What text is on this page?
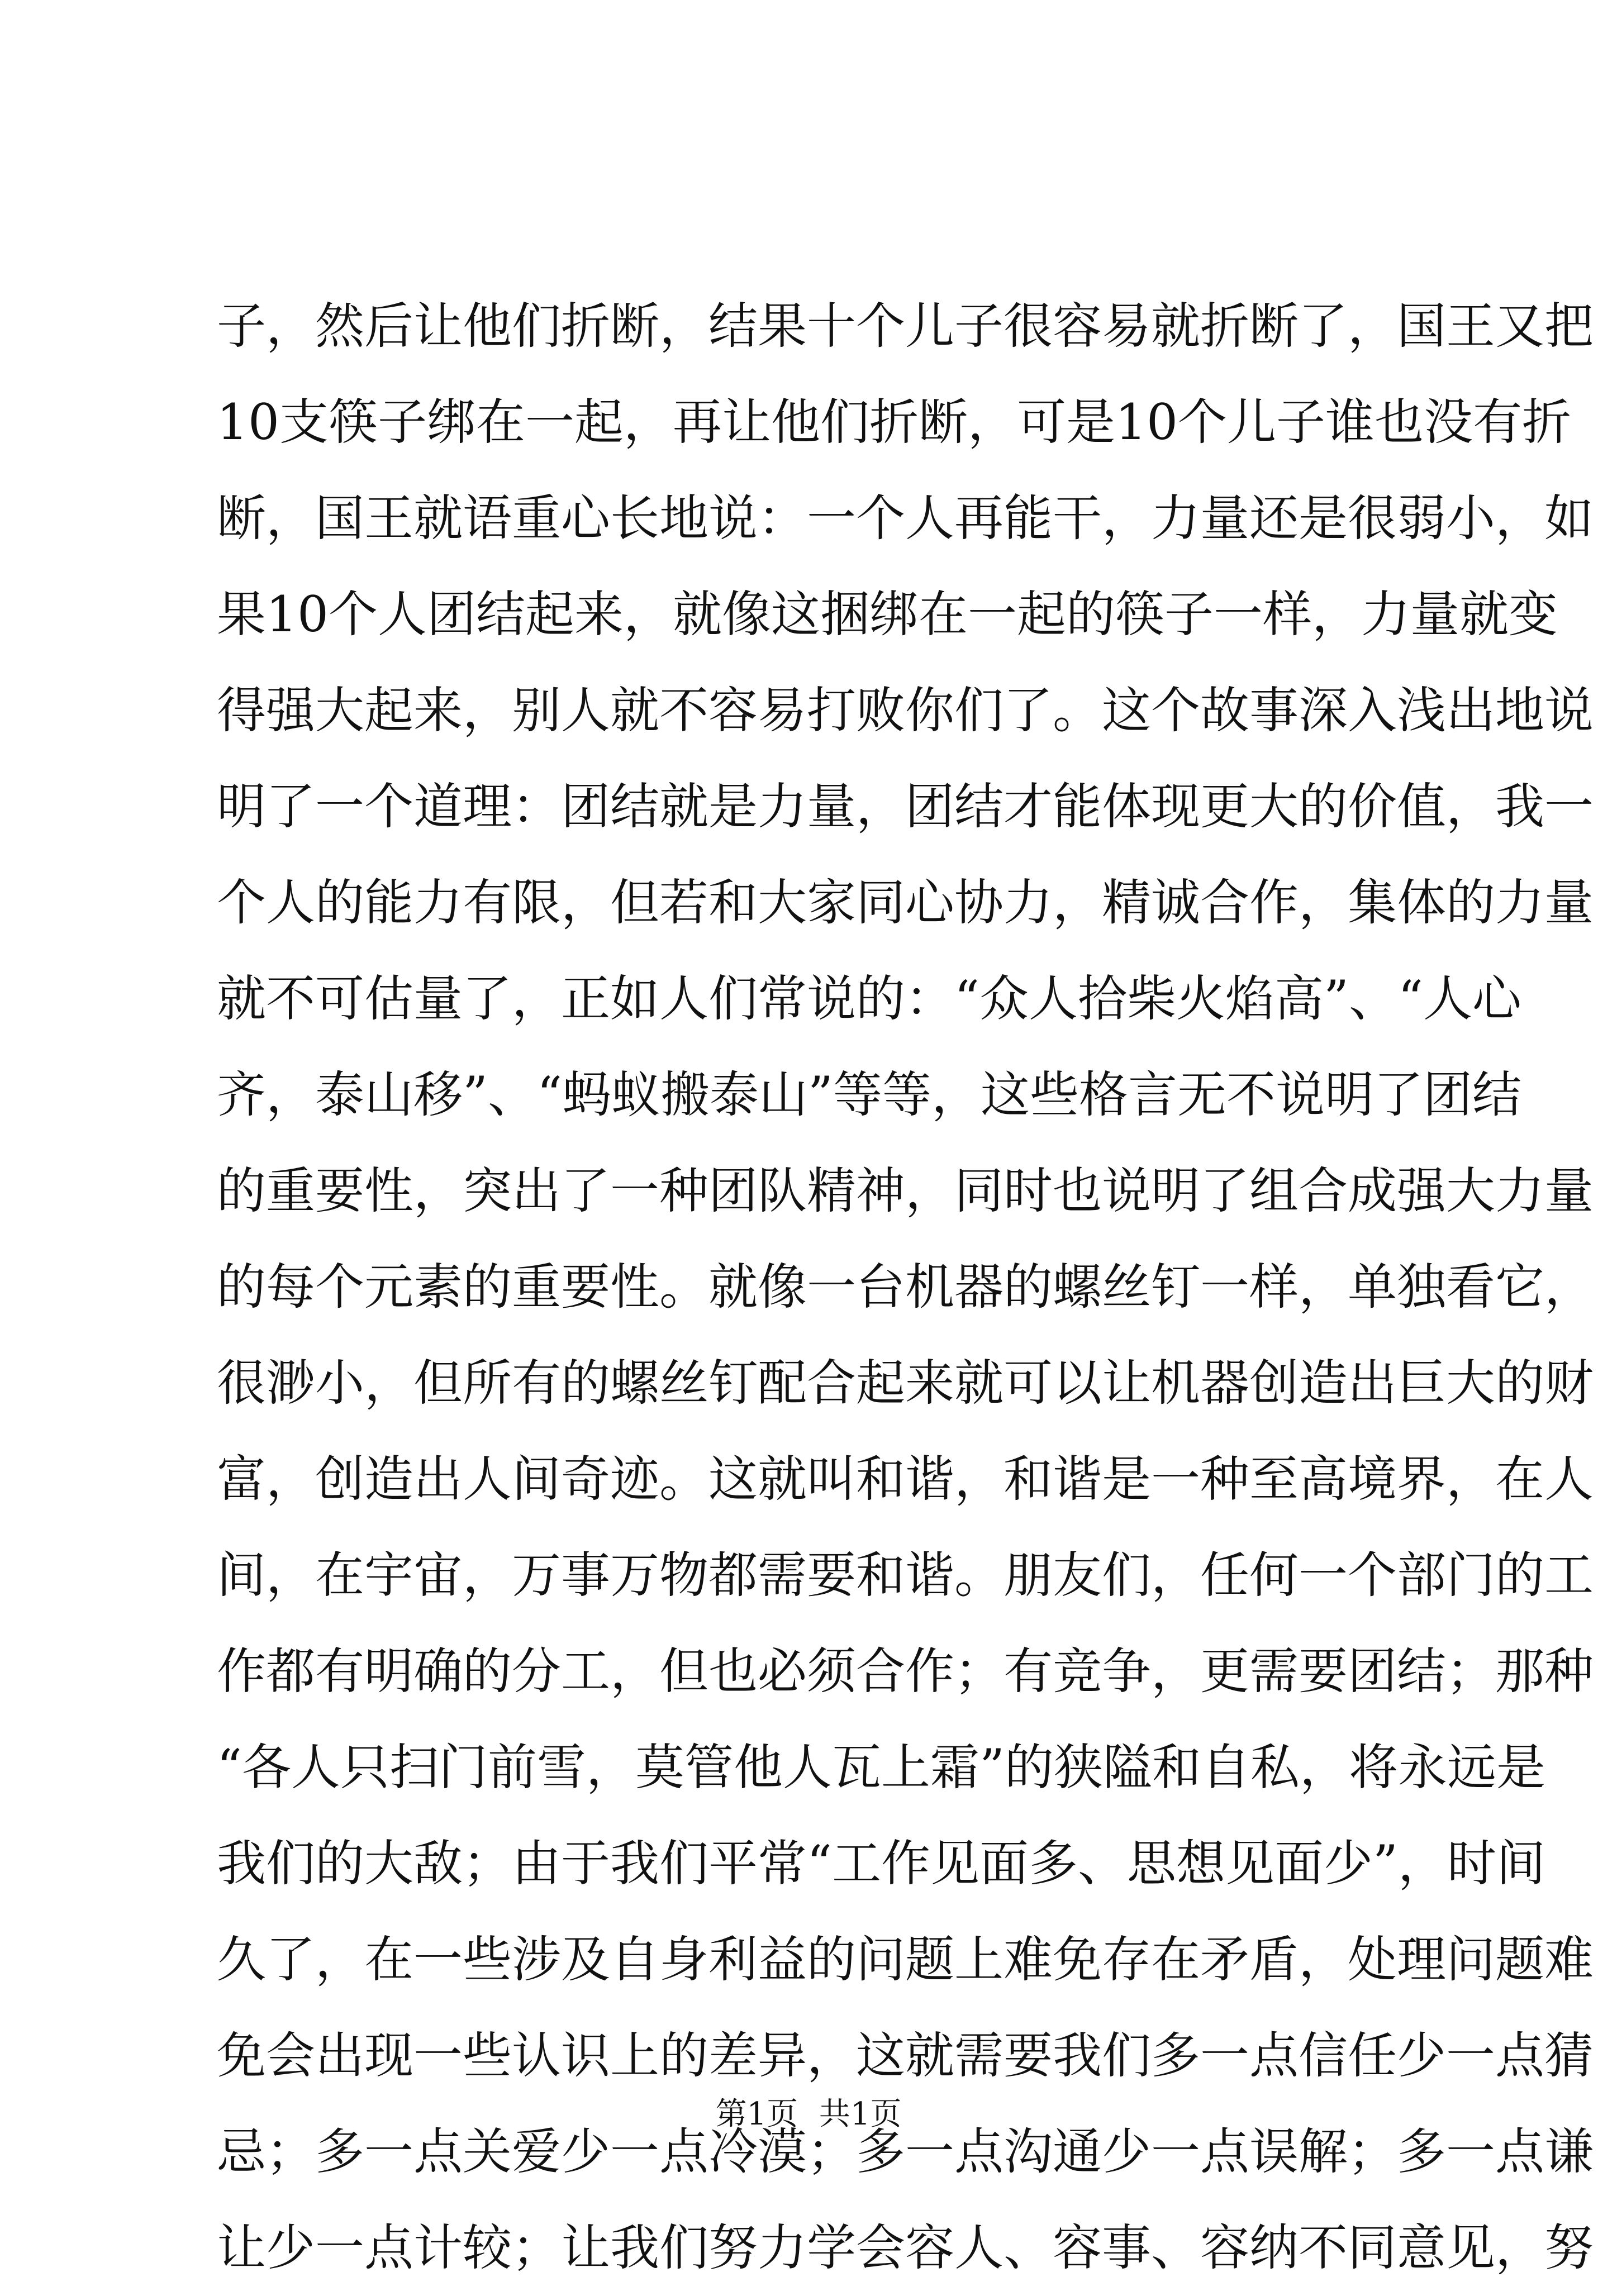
子，然后让他们折断，结果十个儿子很容易就折断了，国王又把
10支筷子绑在一起，再让他们折断，可是10个儿子谁也没有折
断，国王就语重心长地说：一个人再能干，力量还是很弱小，如
果10个人团结起来，就像这捆绑在一起的筷子一样，力量就变
得强大起来，别人就不容易打败你们了。这个故事深入浅出地说
明了一个道理：团结就是力量，团结才能体现更大的价值，我一
个人的能力有限，但若和大家同心协力，精诚合作，集体的力量
就不可估量了，正如人们常说的：“众人拾柴火焰高”、“人心
齐，泰山移”、“蚂蚁搬泰山”等等，这些格言无不说明了团结
的重要性，突出了一种团队精神，同时也说明了组合成强大力量
的每个元素的重要性。就像一台机器的螺丝钉一样，单独看它，
很渺小，但所有的螺丝钉配合起来就可以让机器创造出巨大的财
富，创造出人间奇迹。这就叫和谐，和谐是一种至高境界，在人
间，在宇宙，万事万物都需要和谐。朋友们，任何一个部门的工
作都有明确的分工，但也必须合作；有竞争，更需要团结；那种
“各人只扫门前雪，莫管他人瓦上霜”的狭隘和自私，将永远是
我们的大敌；由于我们平常“工作见面多、思想见面少”，时间
久了，在一些涉及自身利益的问题上难免存在矛盾，处理问题难
免会出现一些认识上的差异，这就需要我们多一点信任少一点猜
忌；多一点关爱少一点冷漠；多一点沟通少一点误解；多一点谦
让少一点计较；让我们努力学会容人、容事、容纳不同意见，努
第1页 共1页
